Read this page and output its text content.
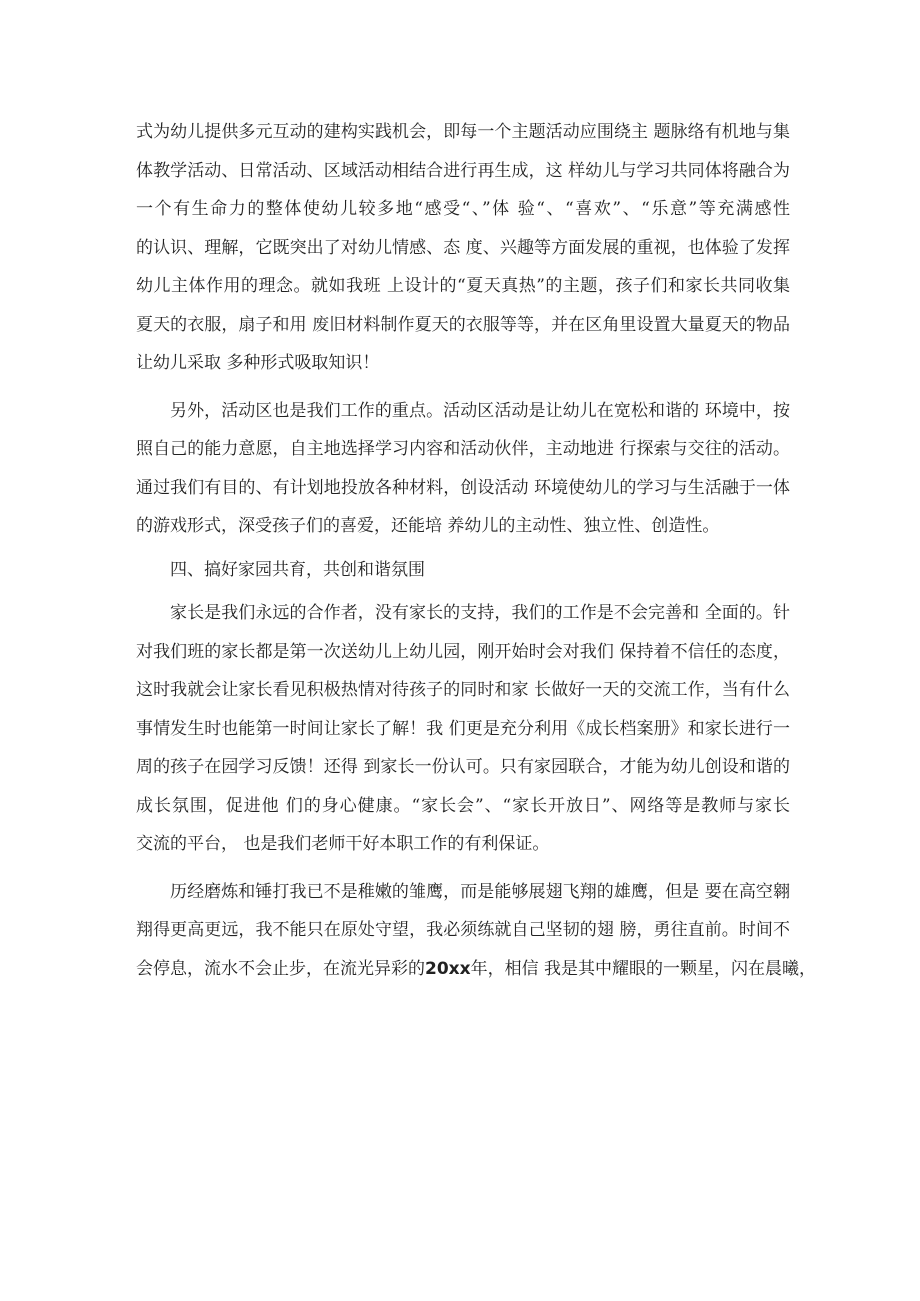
式为幼儿提供多元互动的建构实践机会，即每一个主题活动应围绕主 题脉络有机地与集
体教学活动、日常活动、区域活动相结合进行再生成，这 样幼儿与学习共同体将融合为
一个有生命力的整体使幼儿较多地“感受“、”体 验“、“喜欢”、“乐意”等充满感性
的认识、理解，它既突出了对幼儿情感、态 度、兴趣等方面发展的重视，也体验了发挥
幼儿主体作用的理念。就如我班 上设计的“夏天真热”的主题，孩子们和家长共同收集
夏天的衣服，扇子和用 废旧材料制作夏天的衣服等等，并在区角里设置大量夏天的物品
让幼儿采取 多种形式吸取知识！
另外，活动区也是我们工作的重点。活动区活动是让幼儿在宽松和谐的 环境中，按
照自己的能力意愿，自主地选择学习内容和活动伙伴，主动地进 行探索与交往的活动。
通过我们有目的、有计划地投放各种材料，创设活动 环境使幼儿的学习与生活融于一体
的游戏形式，深受孩子们的喜爱，还能培 养幼儿的主动性、独立性、创造性。
四、搞好家园共育，共创和谐氛围
家长是我们永远的合作者，没有家长的支持，我们的工作是不会完善和 全面的。针
对我们班的家长都是第一次送幼儿上幼儿园，刚开始时会对我们 保持着不信任的态度，
这时我就会让家长看见积极热情对待孩子的同时和家 长做好一天的交流工作，当有什么
事情发生时也能第一时间让家长了解！我 们更是充分利用《成长档案册》和家长进行一
周的孩子在园学习反馈！还得 到家长一份认可。只有家园联合，才能为幼儿创设和谐的
成长氛围，促进他 们的身心健康。“家长会”、“家长开放日”、网络等是教师与家长
交流的平台， 也是我们老师干好本职工作的有利保证。
历经磨炼和锤打我已不是稚嫩的雏鹰，而是能够展翅飞翔的雄鹰，但是 要在高空翱
翔得更高更远，我不能只在原处守望，我必须练就自己坚韧的翅 膀，勇往直前。时间不
会停息，流水不会止步，在流光异彩的20xx年，相信 我是其中耀眼的一颗星，闪在晨曦，
